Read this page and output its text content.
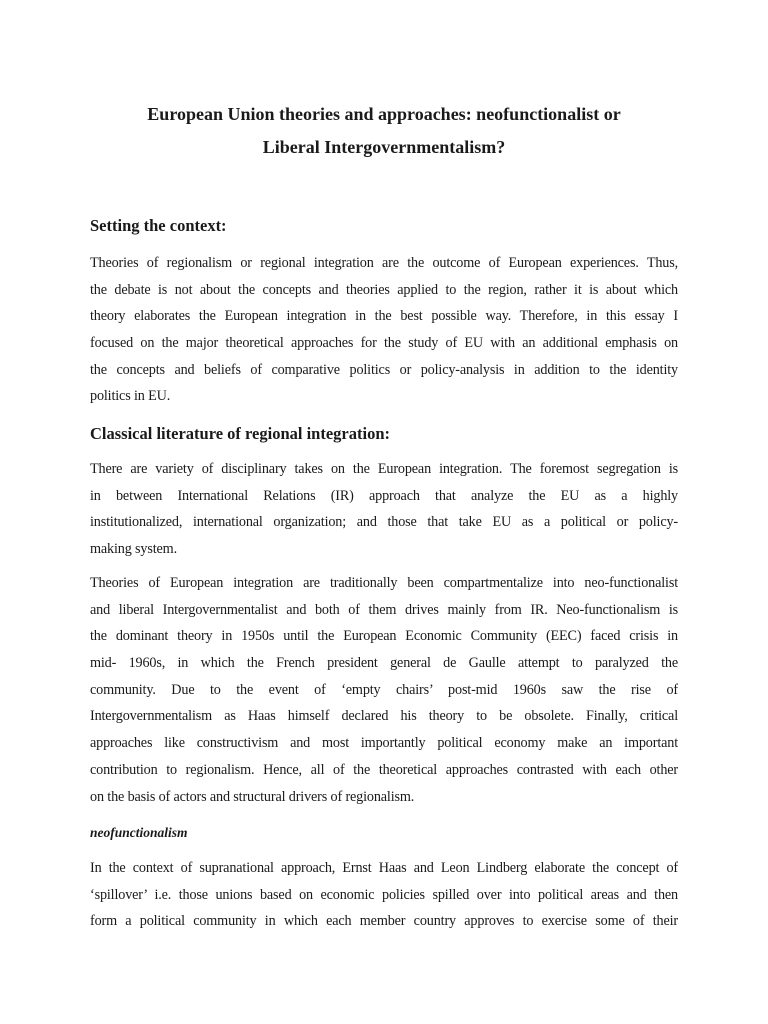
European Union theories and approaches: neofunctionalist or
Liberal Intergovernmentalism?
Setting the context:
Theories of regionalism or regional integration are the outcome of European experiences. Thus,
the debate is not about the concepts and theories applied to the region, rather it is about which
theory elaborates the European integration in the best possible way. Therefore, in this essay I
focused on the major theoretical approaches for the study of EU with an additional emphasis on
the concepts and beliefs of comparative politics or policy-analysis in addition to the identity
politics in EU.
Classical literature of regional integration:
There are variety of disciplinary takes on the European integration. The foremost segregation is
in between International Relations (IR) approach that analyze the EU as a highly
institutionalized, international organization; and those that take EU as a political or policy-
making system.
Theories of European integration are traditionally been compartmentalize into neo-functionalist
and liberal Intergovernmentalist and both of them drives mainly from IR. Neo-functionalism is
the dominant theory in 1950s until the European Economic Community (EEC) faced crisis in
mid- 1960s, in which the French president general de Gaulle attempt to paralyzed the
community. Due to the event of ‘empty chairs’ post-mid 1960s saw the rise of
Intergovernmentalism as Haas himself declared his theory to be obsolete. Finally, critical
approaches like constructivism and most importantly political economy make an important
contribution to regionalism. Hence, all of the theoretical approaches contrasted with each other
on the basis of actors and structural drivers of regionalism.
neofunctionalism
In the context of supranational approach, Ernst Haas and Leon Lindberg elaborate the concept of
‘spillover’ i.e. those unions based on economic policies spilled over into political areas and then
form a political community in which each member country approves to exercise some of their
